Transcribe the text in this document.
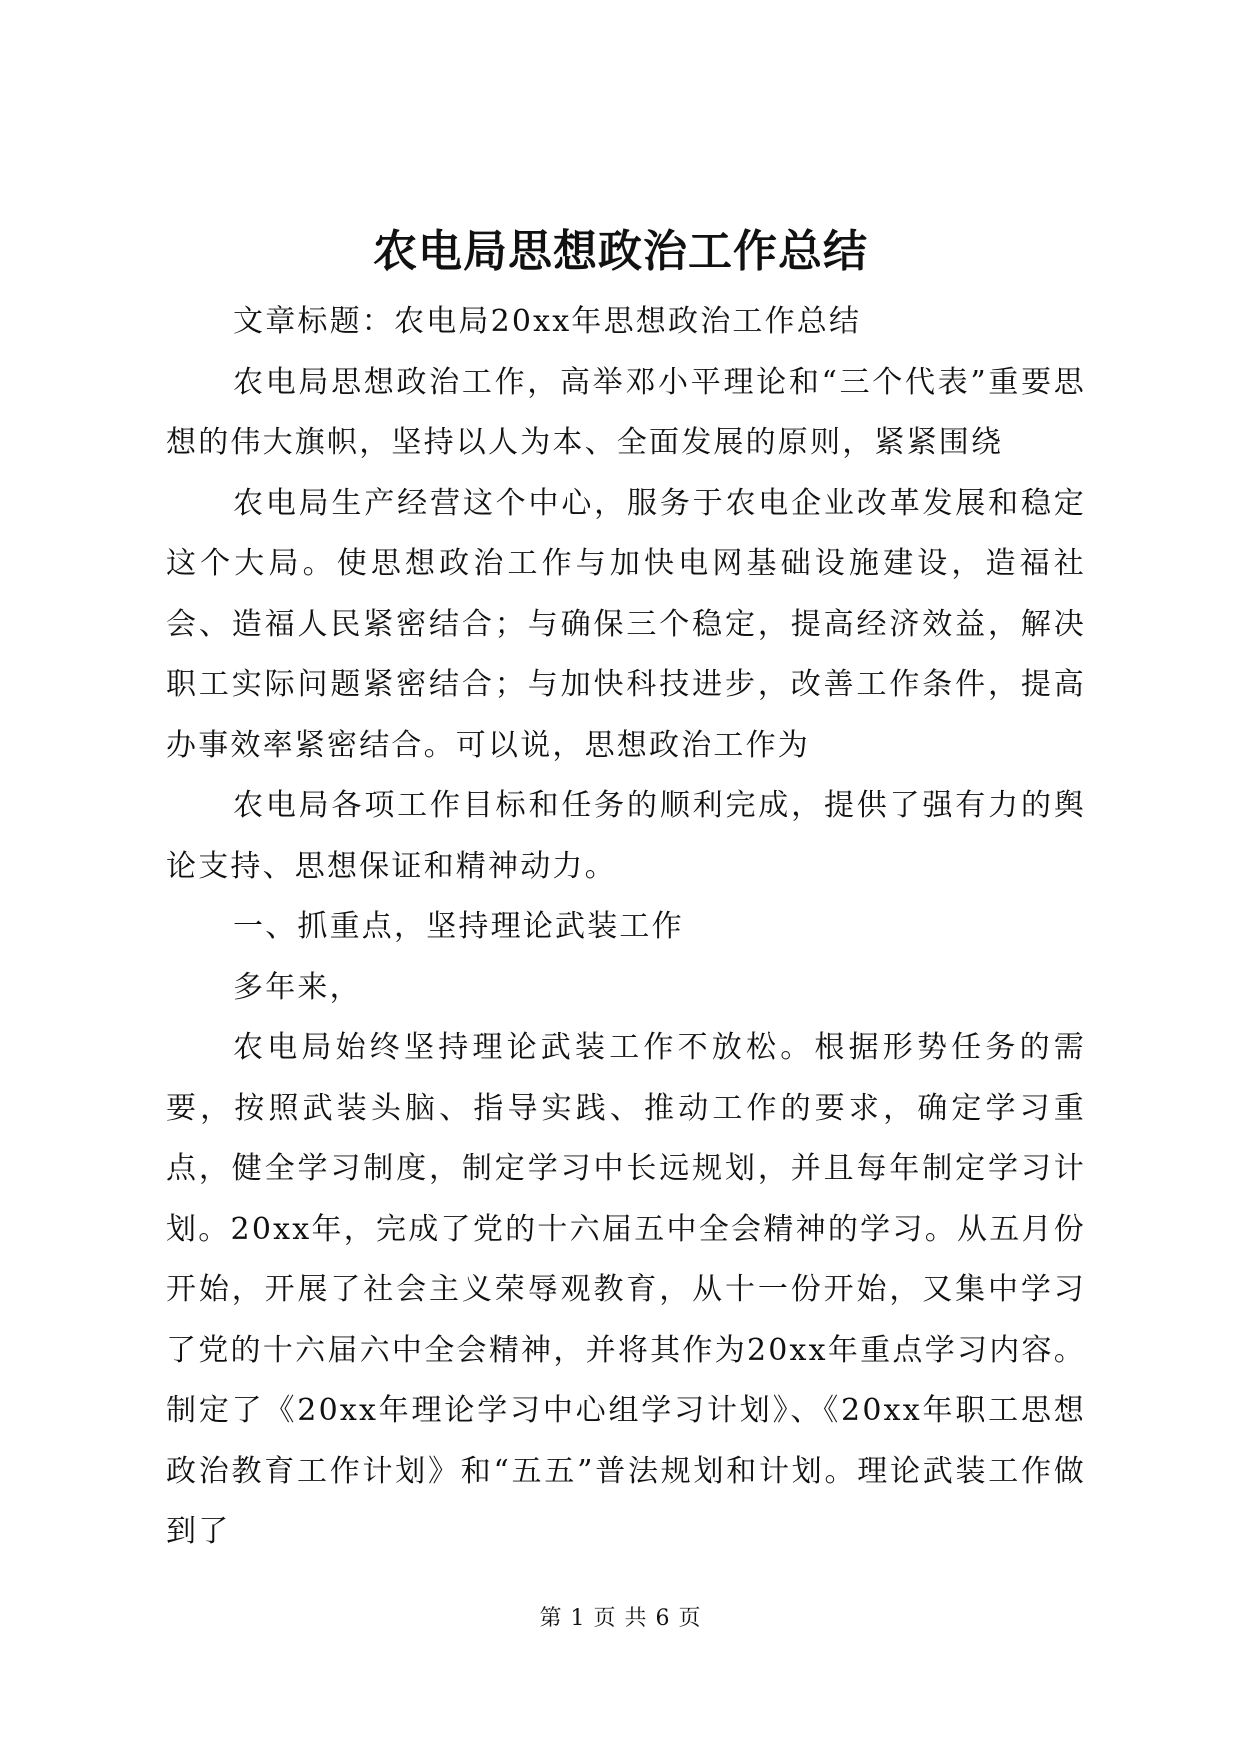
农电局思想政治工作总结

文章标题：农电局20xx年思想政治工作总结

农电局思想政治工作，高举邓小平理论和“三个代表”重要思想的伟大旗帜，坚持以人为本、全面发展的原则，紧紧围绕

农电局生产经营这个中心，服务于农电企业改革发展和稳定这个大局。使思想政治工作与加快电网基础设施建设，造福社会、造福人民紧密结合；与确保三个稳定，提高经济效益，解决职工实际问题紧密结合；与加快科技进步，改善工作条件，提高办事效率紧密结合。可以说，思想政治工作为

农电局各项工作目标和任务的顺利完成，提供了强有力的舆论支持、思想保证和精神动力。

一、抓重点，坚持理论武装工作

多年来，

农电局始终坚持理论武装工作不放松。根据形势任务的需要，按照武装头脑、指导实践、推动工作的要求，确定学习重点，健全学习制度，制定学习中长远规划，并且每年制定学习计划。20xx年，完成了党的十六届五中全会精神的学习。从五月份开始，开展了社会主义荣辱观教育，从十一份开始，又集中学习了党的十六届六中全会精神，并将其作为20xx年重点学习内容。制定了《20xx年理论学习中心组学习计划》、《20xx年职工思想政治教育工作计划》和“五五”普法规划和计划。理论武装工作做到了

第 1 页 共 6 页
